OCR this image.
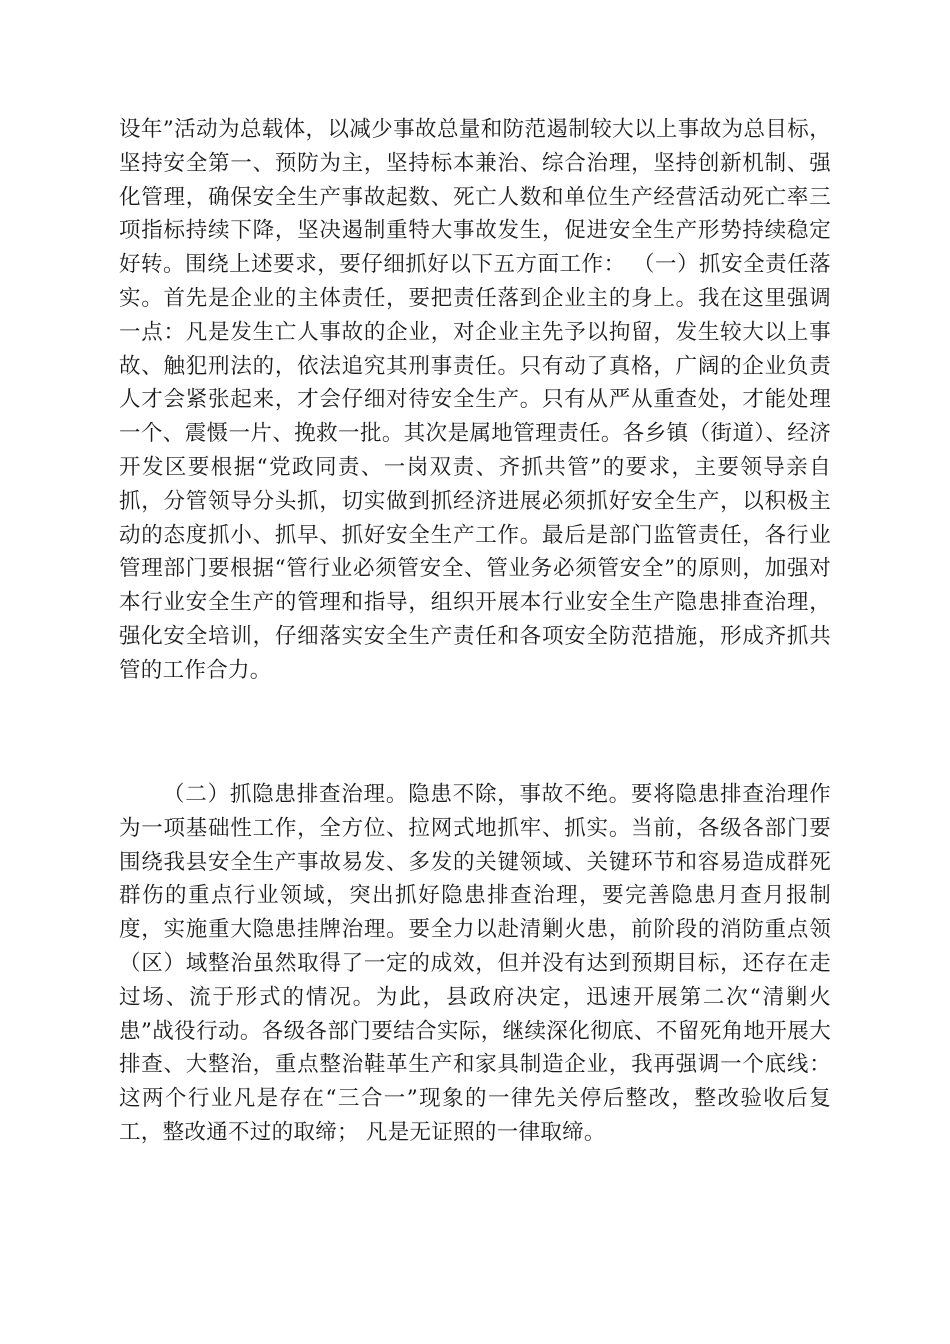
设年”活动为总载体，以减少事故总量和防范遏制较大以上事故为总目标，坚持安全第一、预防为主，坚持标本兼治、综合治理，坚持创新机制、强化管理，确保安全生产事故起数、死亡人数和单位生产经营活动死亡率三项指标持续下降，坚决遏制重特大事故发生，促进安全生产形势持续稳定好转。围绕上述要求，要仔细抓好以下五方面工作： （一）抓安全责任落实。首先是企业的主体责任，要把责任落到企业主的身上。我在这里强调一点：凡是发生亡人事故的企业，对企业主先予以拘留，发生较大以上事故、触犯刑法的，依法追究其刑事责任。只有动了真格，广阔的企业负责人才会紧张起来，才会仔细对待安全生产。只有从严从重查处，才能处理一个、震慑一片、挽救一批。其次是属地管理责任。各乡镇（街道）、经济开发区要根据“党政同责、一岗双责、齐抓共管”的要求，主要领导亲自抓，分管领导分头抓，切实做到抓经济进展必须抓好安全生产，以积极主动的态度抓小、抓早、抓好安全生产工作。最后是部门监管责任，各行业管理部门要根据“管行业必须管安全、管业务必须管安全”的原则，加强对本行业安全生产的管理和指导，组织开展本行业安全生产隐患排查治理，强化安全培训，仔细落实安全生产责任和各项安全防范措施，形成齐抓共管的工作合力。

（二）抓隐患排查治理。隐患不除，事故不绝。要将隐患排查治理作为一项基础性工作，全方位、拉网式地抓牢、抓实。当前，各级各部门要围绕我县安全生产事故易发、多发的关键领域、关键环节和容易造成群死群伤的重点行业领域，突出抓好隐患排查治理，要完善隐患月查月报制度，实施重大隐患挂牌治理。要全力以赴清剿火患，前阶段的消防重点领（区）域整治虽然取得了一定的成效，但并没有达到预期目标，还存在走过场、流于形式的情况。为此，县政府决定，迅速开展第二次“清剿火患”战役行动。各级各部门要结合实际，继续深化彻底、不留死角地开展大排查、大整治，重点整治鞋革生产和家具制造企业，我再强调一个底线：这两个行业凡是存在“三合一”现象的一律先关停后整改，整改验收后复工，整改通不过的取缔； 凡是无证照的一律取缔。
